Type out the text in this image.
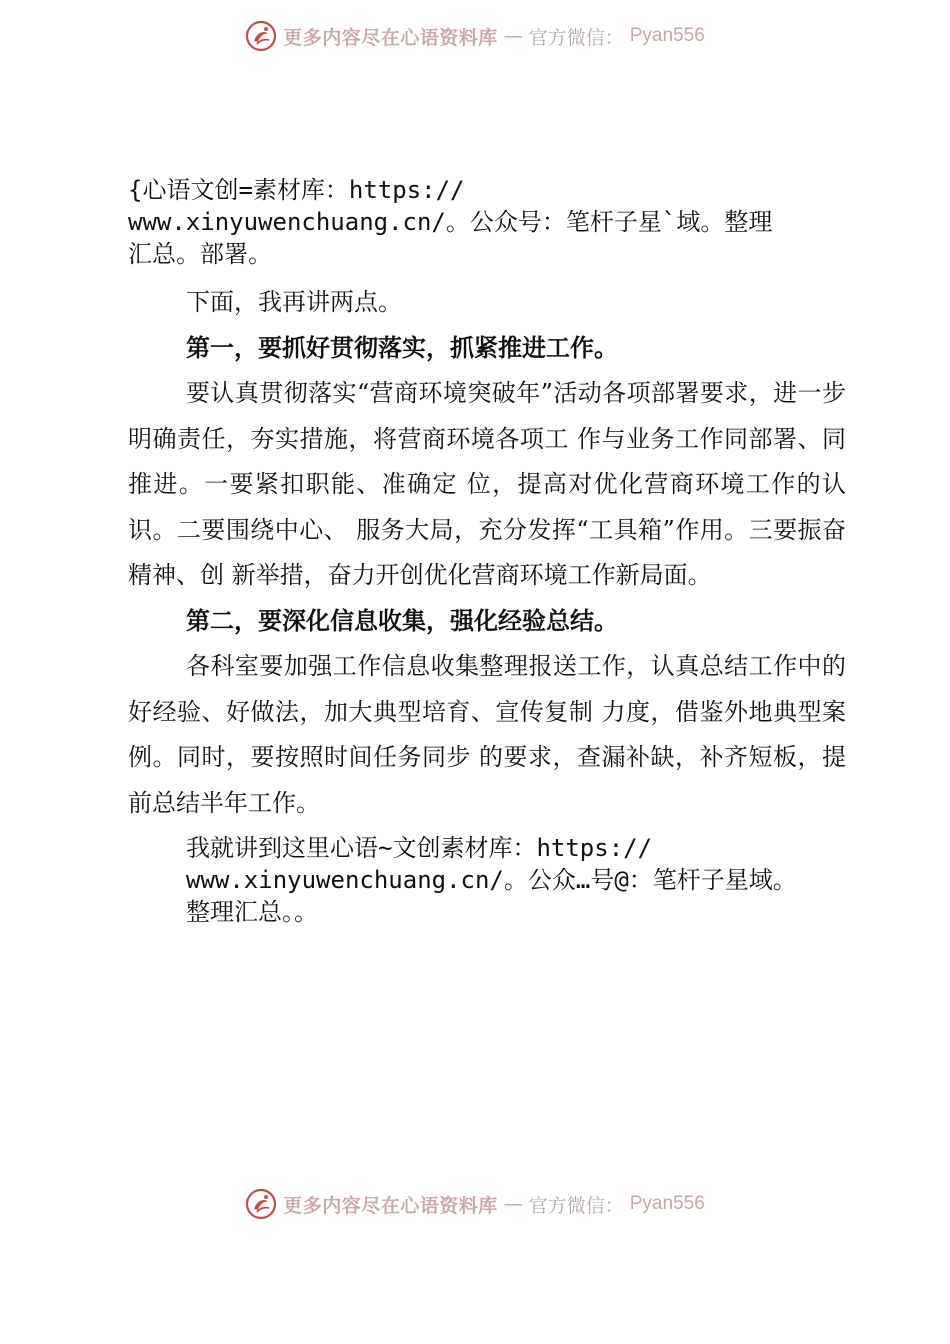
更多内容尽在心语资料库 — 官方微信： Pyan556

{心语文创=素材库：https://

www.xinyuwenchuang.cn/。公众号：笔杆子星`域。整理

汇总。部署。

下面，我再讲两点。

第一，要抓好贯彻落实，抓紧推进工作。

要认真贯彻落实“营商环境突破年”活动各项部署要求，进一步明确责任，夯实措施，将营商环境各项工 作与业务工作同部署、同推进。一要紧扣职能、准确定 位，提高对优化营商环境工作的认识。二要围绕中心、 服务大局，充分发挥“工具箱”作用。三要振奋精神、创 新举措，奋力开创优化营商环境工作新局面。

第二，要深化信息收集，强化经验总结。

各科室要加强工作信息收集整理报送工作，认真总结工作中的好经验、好做法，加大典型培育、宣传复制 力度，借鉴外地典型案例。同时，要按照时间任务同步 的要求，查漏补缺，补齐短板，提前总结半年工作。

我就讲到这里心语~文创素材库：https://

www.xinyuwenchuang.cn/。公众…号@：笔杆子星域。

整理汇总。。

更多内容尽在心语资料库 — 官方微信： Pyan556
